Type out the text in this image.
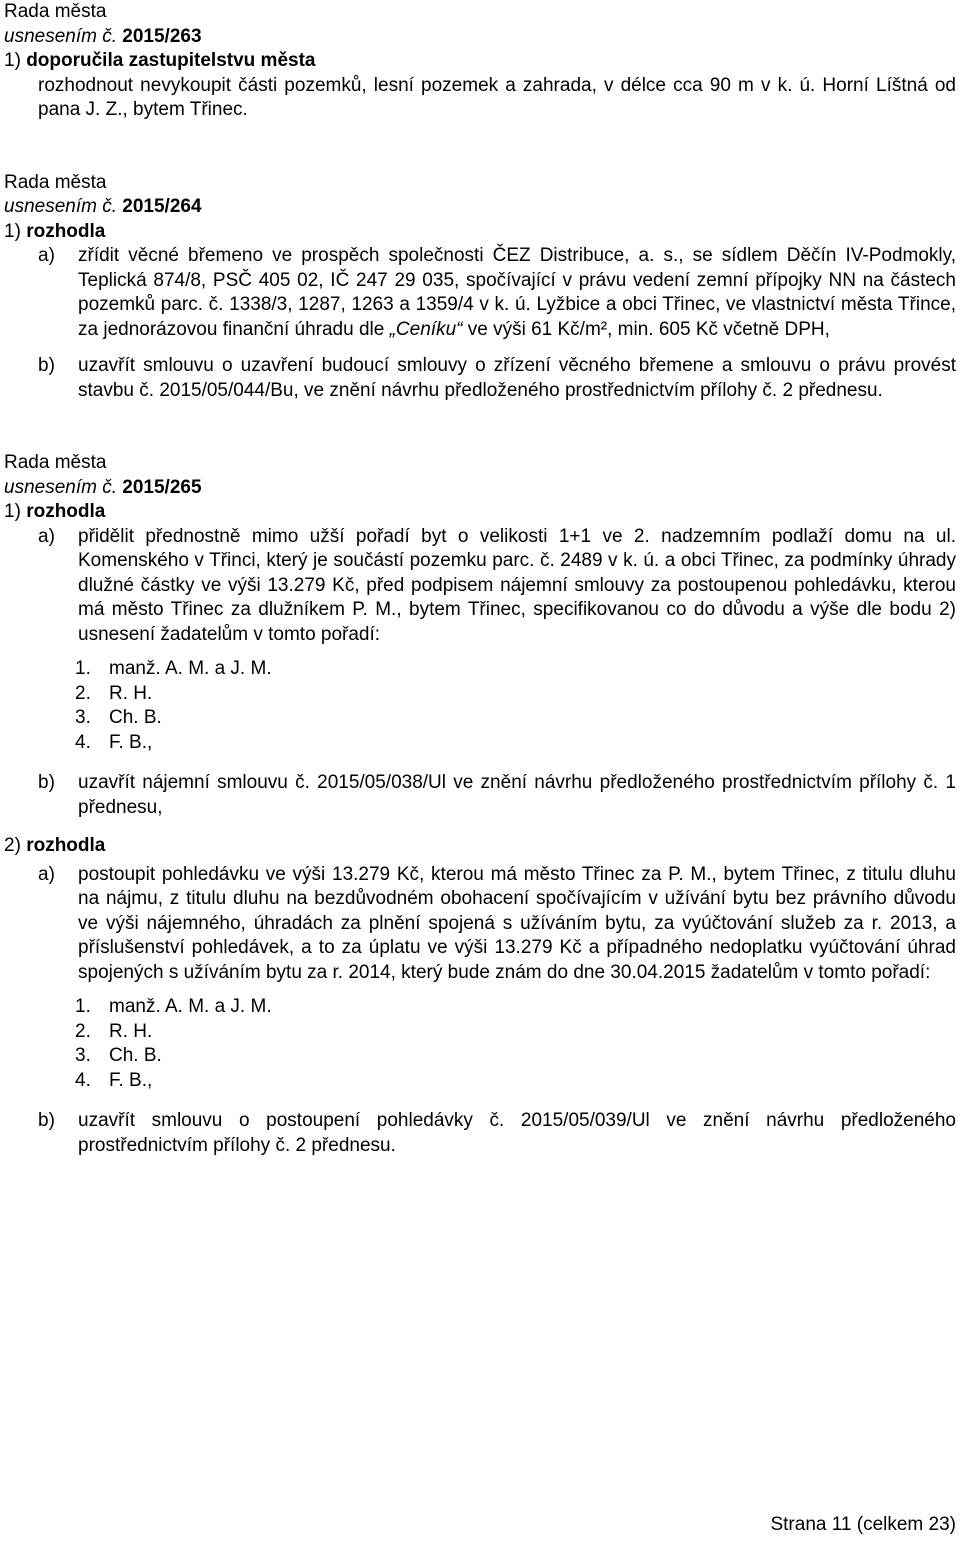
Rada města
usnesením č. 2015/263
1) doporučila zastupitelstvu města
rozhodnout nevykoupit části pozemků, lesní pozemek a zahrada, v délce cca 90 m v k. ú. Horní Líštná od pana J. Z., bytem Třinec.
Rada města
usnesením č. 2015/264
1) rozhodla
a)	zřídit věcné břemeno ve prospěch společnosti ČEZ Distribuce, a. s., se sídlem Děčín IV-Podmokly, Teplická 874/8, PSČ 405 02, IČ 247 29 035, spočívající v právu vedení zemní přípojky NN na částech pozemků parc. č. 1338/3, 1287, 1263 a 1359/4 v k. ú. Lyžbice a obci Třinec, ve vlastnictví města Třince, za jednorázovou finanční úhradu dle „Ceníku“ ve výši 61 Kč/m², min. 605 Kč včetně DPH,
b)	uzavřít smlouvu o uzavření budoucí smlouvy o zřízení věcného břemene a smlouvu o právu provést stavbu č. 2015/05/044/Bu, ve znění návrhu předloženého prostřednictvím přílohy č. 2 přednesu.
Rada města
usnesením č. 2015/265
1) rozhodla
a)	přidělit přednostně mimo užší pořadí byt o velikosti 1+1 ve 2. nadzemním podlaží domu na ul. Komenského v Třinci, který je součástí pozemku parc. č. 2489 v k. ú. a obci Třinec, za podmínky úhrady dlužné částky ve výši 13.279 Kč, před podpisem nájemní smlouvy za postoupenou pohledávku, kterou má město Třinec za dlužníkem P. M., bytem Třinec, specifikovanou co do důvodu a výše dle bodu 2) usnesení žadatelům v tomto pořadí:
1. manž. A. M. a J. M.
2. R. H.
3. Ch. B.
4. F. B.,
b)	uzavřít nájemní smlouvu č. 2015/05/038/Ul ve znění návrhu předloženého prostřednictvím přílohy č. 1 přednesu,
2) rozhodla
a)	postoupit pohledávku ve výši 13.279 Kč, kterou má město Třinec za P. M., bytem Třinec, z titulu dluhu na nájmu, z titulu dluhu na bezdůvodném obohacení spočívajícím v užívání bytu bez právního důvodu ve výši nájemného, úhradách za plnění spojená s užíváním bytu, za vyúčtování služeb za r. 2013, a příslušenství pohledávek, a to za úplatu ve výši 13.279 Kč a případného nedoplatku vyúčtování úhrad spojených s užíváním bytu za r. 2014, který bude znám do dne 30.04.2015 žadatelům v tomto pořadí:
1. manž. A. M. a J. M.
2. R. H.
3. Ch. B.
4. F. B.,
b)	uzavřít smlouvu o postoupení pohledávky č. 2015/05/039/Ul ve znění návrhu předloženého prostřednictvím přílohy č. 2 přednesu.
Strana 11 (celkem 23)
